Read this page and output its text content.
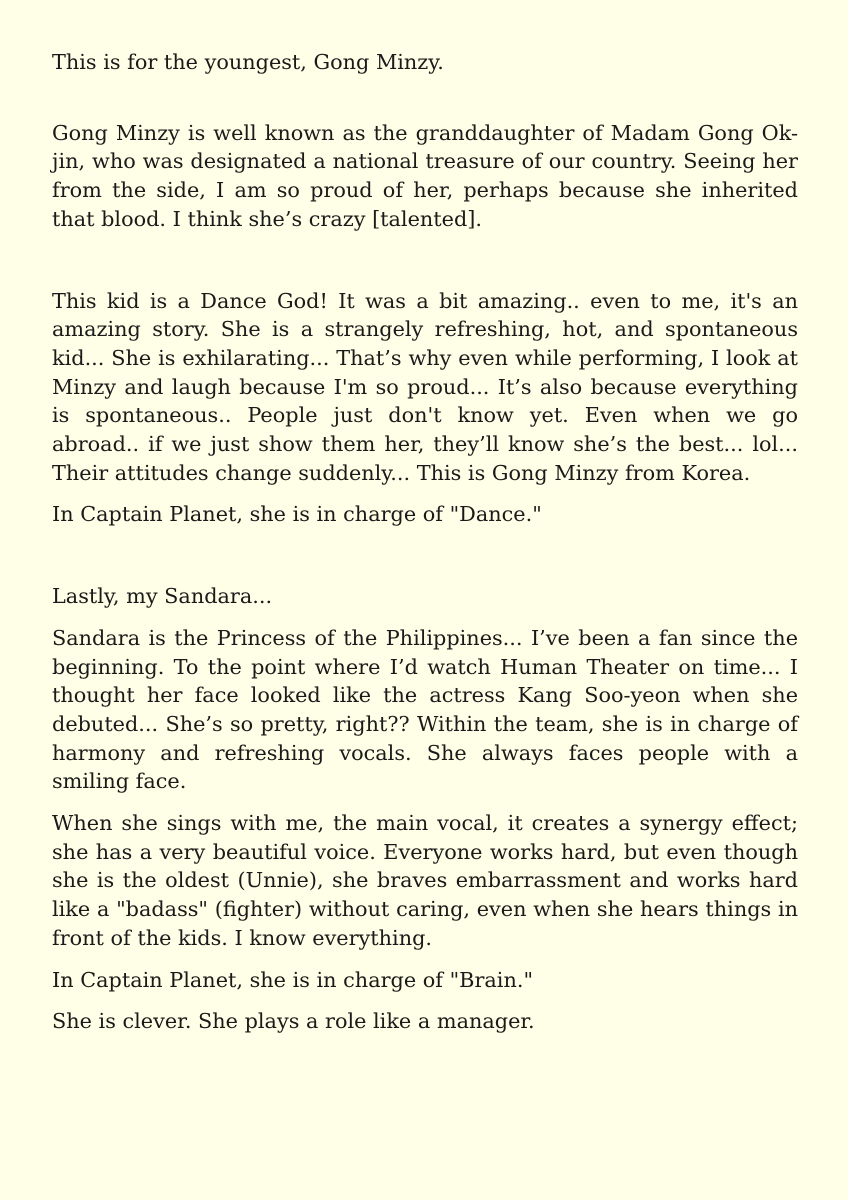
This is for the youngest, Gong Minzy.

Gong Minzy is well known as the granddaughter of Madam Gong Ok-jin, who was designated a national treasure of our country. Seeing her from the side, I am so proud of her, perhaps because she inherited that blood. I think she’s crazy [talented].

This kid is a Dance God! It was a bit amazing.. even to me, it's an amazing story. She is a strangely refreshing, hot, and spontaneous kid... She is exhilarating... That’s why even while performing, I look at Minzy and laugh because I'm so proud... It’s also because everything is spontaneous.. People just don't know yet. Even when we go abroad.. if we just show them her, they’ll know she’s the best... lol... Their attitudes change suddenly... This is Gong Minzy from Korea.

In Captain Planet, she is in charge of "Dance."

Lastly, my Sandara...

Sandara is the Princess of the Philippines... I’ve been a fan since the beginning. To the point where I’d watch Human Theater on time... I thought her face looked like the actress Kang Soo-yeon when she debuted... She’s so pretty, right?? Within the team, she is in charge of harmony and refreshing vocals. She always faces people with a smiling face.

When she sings with me, the main vocal, it creates a synergy effect; she has a very beautiful voice. Everyone works hard, but even though she is the oldest (Unnie), she braves embarrassment and works hard like a "badass" (fighter) without caring, even when she hears things in front of the kids. I know everything.

In Captain Planet, she is in charge of "Brain."

She is clever. She plays a role like a manager.
